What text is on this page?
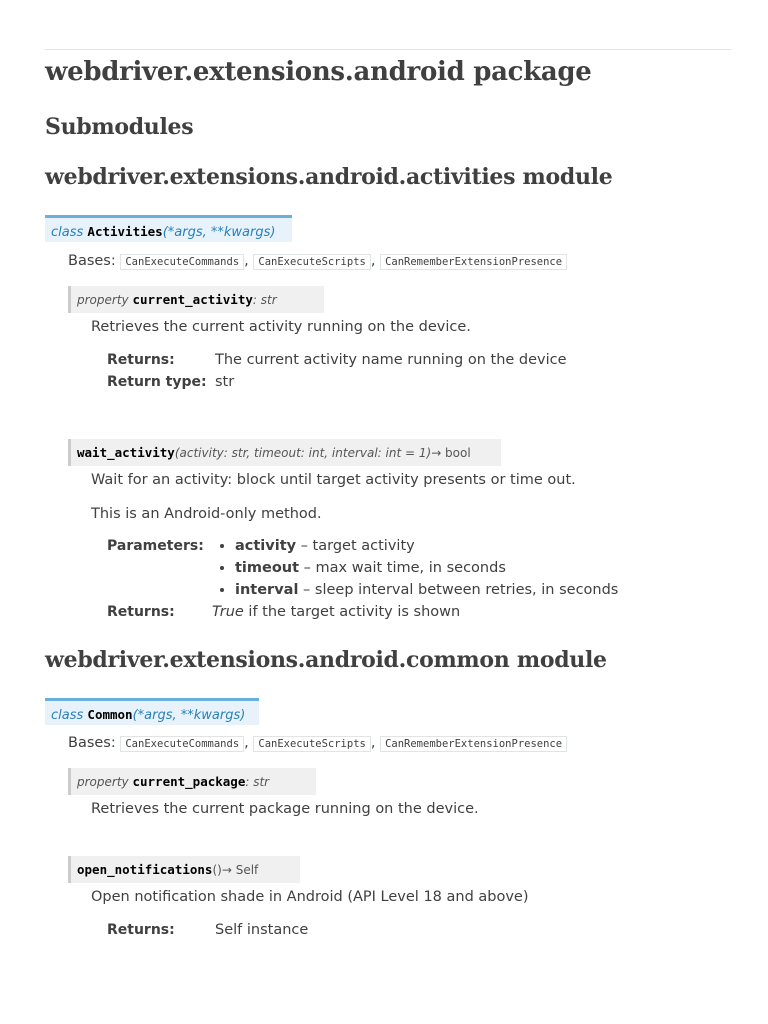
webdriver.extensions.android package
Submodules
webdriver.extensions.android.activities module
class Activities(*args, **kwargs)
Bases: CanExecuteCommands , CanExecuteScripts , CanRememberExtensionPresence
property current_activity: str
Retrieves the current activity running on the device.
Returns:	The current activity name running on the device
Return type: str
wait_activity(activity: str, timeout: int, interval: int = 1)→ bool
Wait for an activity: block until target activity presents or time out.
This is an Android-only method.
Parameters:
• activity – target activity
• timeout – max wait time, in seconds
• interval – sleep interval between retries, in seconds
Returns:	True if the target activity is shown
webdriver.extensions.android.common module
class Common(*args, **kwargs)
Bases: CanExecuteCommands , CanExecuteScripts , CanRememberExtensionPresence
property current_package: str
Retrieves the current package running on the device.
open_notifications()→ Self
Open notification shade in Android (API Level 18 and above)
Returns:	Self instance
